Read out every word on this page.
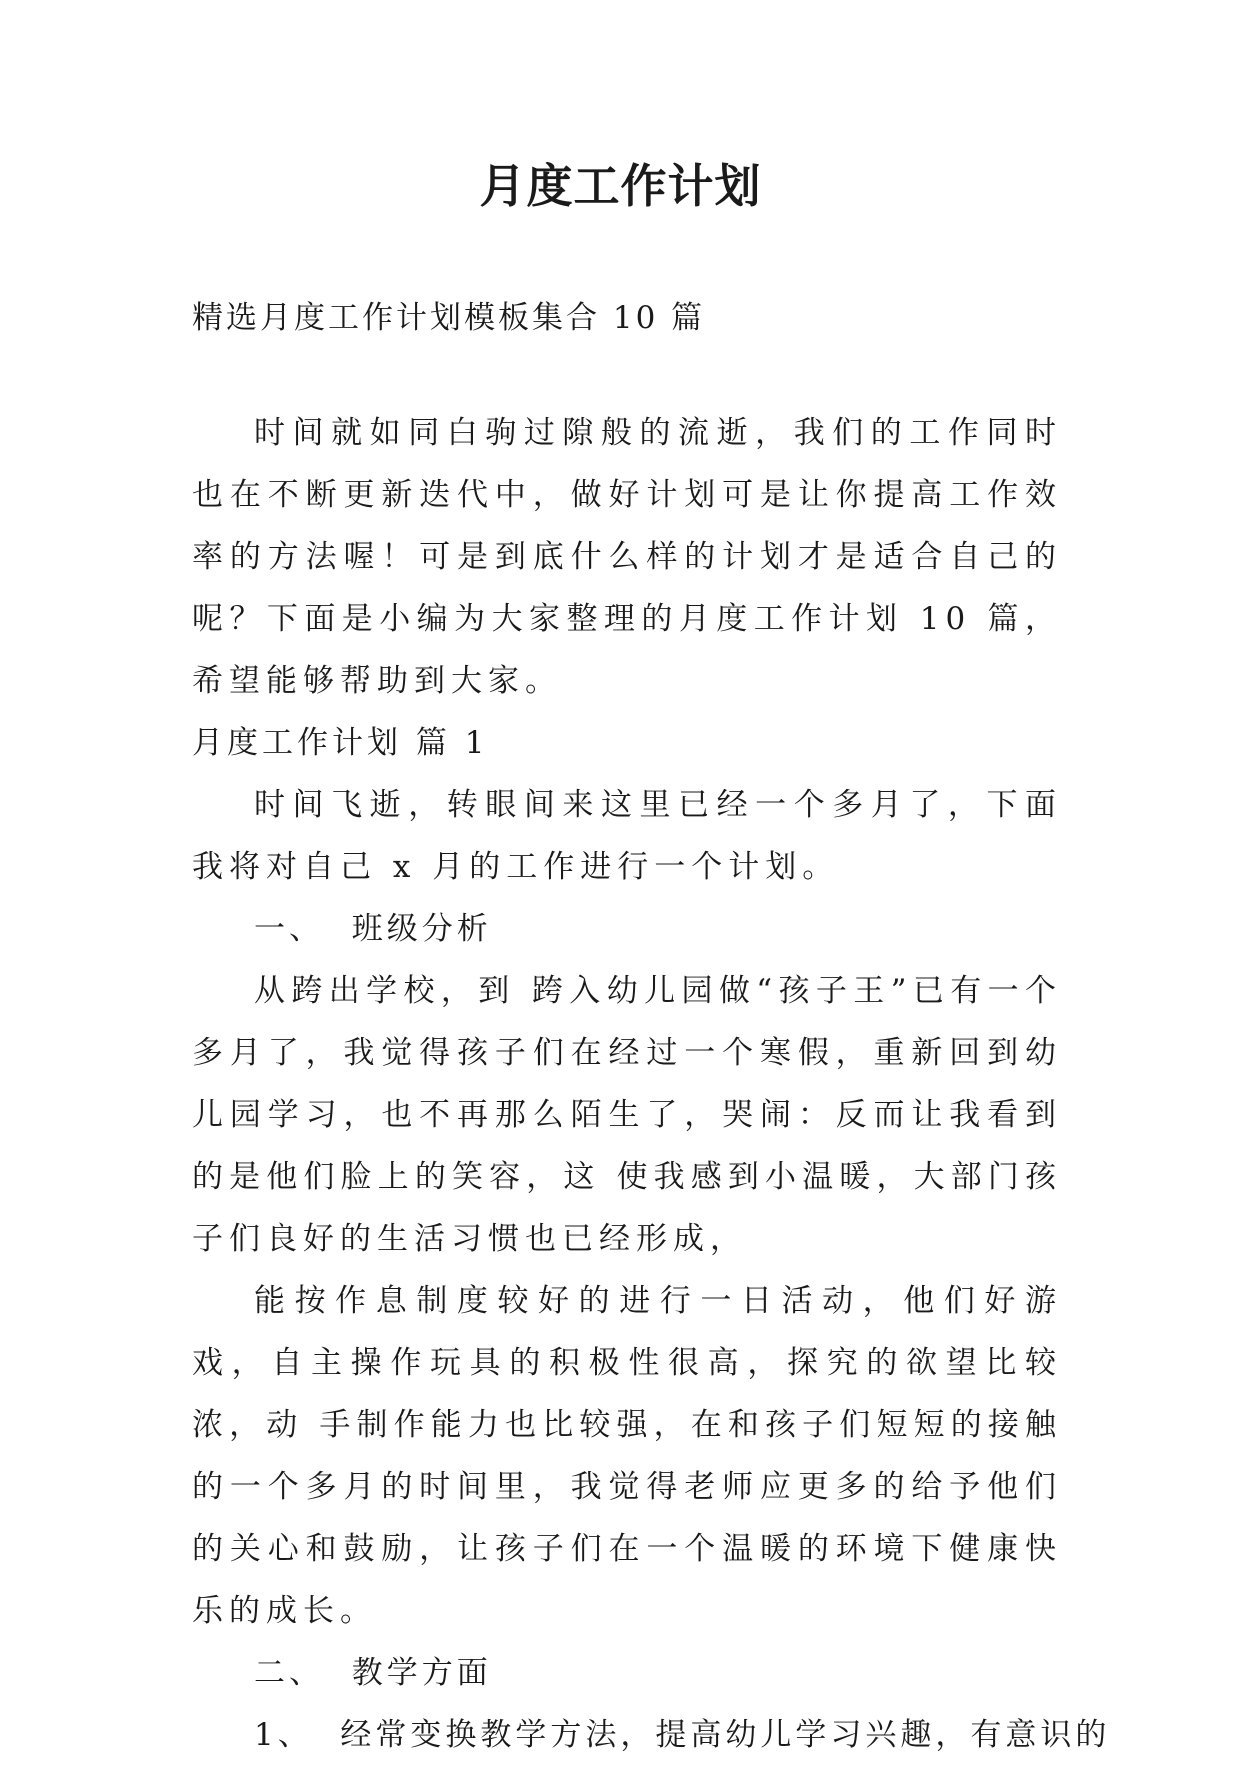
月度工作计划
精选月度工作计划模板集合 10 篇

时间就如同白驹过隙般的流逝，我们的工作同时也在不断更新迭代中，做好计划可是让你提高工作效率的方法喔！可是到底什么样的计划才是适合自己的呢？下面是小编为大家整理的月度工作计划 10 篇，希望能够帮助到大家。

月度工作计划 篇 1

时间飞逝，转眼间来这里已经一个多月了，下面我将对自己 x 月的工作进行一个计划。

一、  班级分析

从跨出学校，到 跨入幼儿园做“孩子王”已有一个多月了，我觉得孩子们在经过一个寒假，重新回到幼儿园学习，也不再那么陌生了，哭闹：反而让我看到的是他们脸上的笑容，这 使我感到小温暖，大部门孩子们良好的生活习惯也已经形成，

能按作息制度较好的进行一日活动，他们好游戏，自主操作玩具的积极性很高，探究的欲望比较浓，动 手制作能力也比较强，在和孩子们短短的接触的一个多月的时间里，我觉得老师应更多的给予他们的关心和鼓励，让孩子们在一个温暖的环境下健康快乐的成长。

二、  教学方面

1、  经常变换教学方法，提高幼儿学习兴趣，有意识的
